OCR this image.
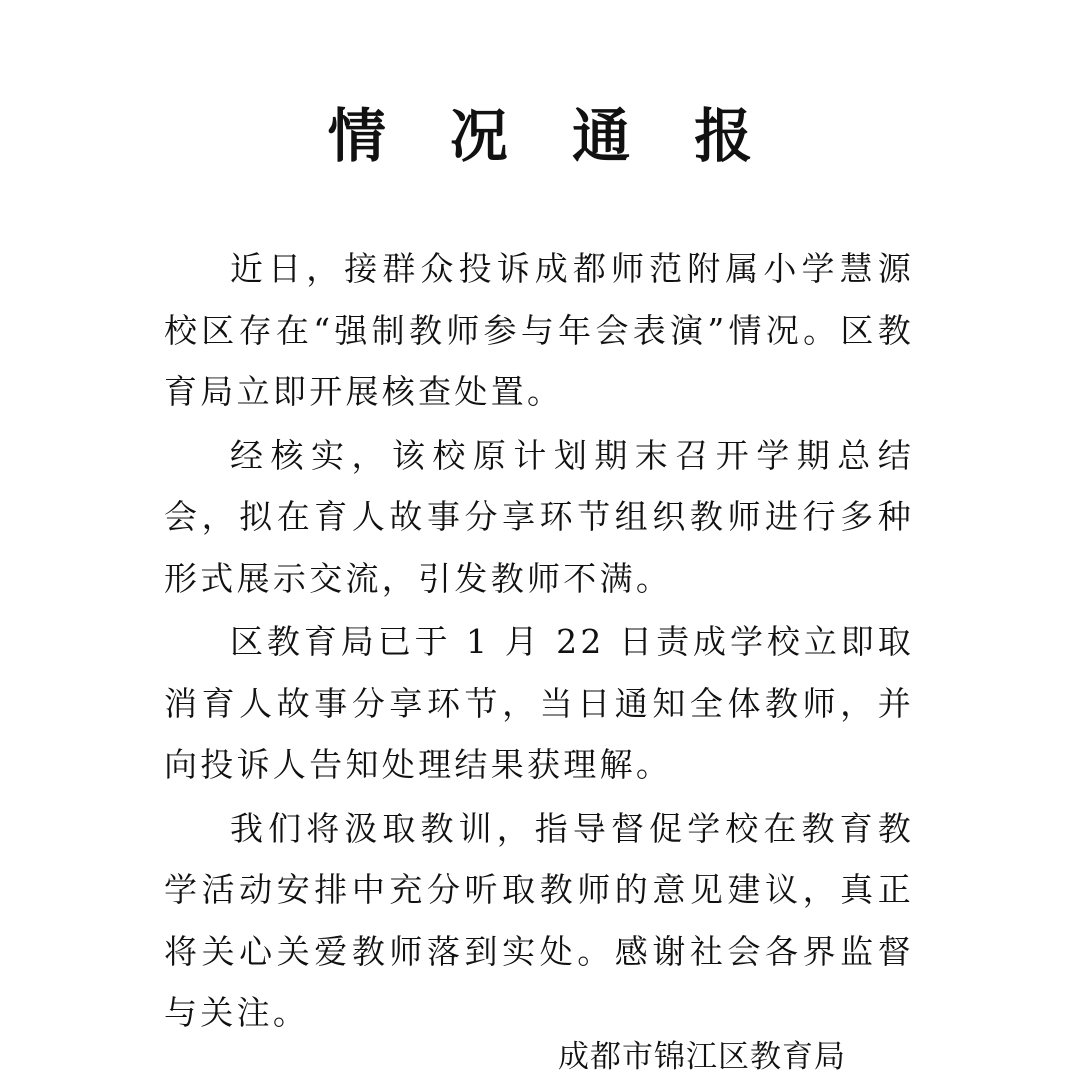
情 况 通 报

近日，接群众投诉成都师范附属小学慧源校区存在“强制教师参与年会表演”情况。区教育局立即开展核查处置。

经核实，该校原计划期末召开学期总结会，拟在育人故事分享环节组织教师进行多种形式展示交流，引发教师不满。

区教育局已于 1 月 22 日责成学校立即取消育人故事分享环节，当日通知全体教师，并向投诉人告知处理结果获理解。

我们将汲取教训，指导督促学校在教育教学活动安排中充分听取教师的意见建议，真正将关心关爱教师落到实处。感谢社会各界监督与关注。

成都市锦江区教育局
